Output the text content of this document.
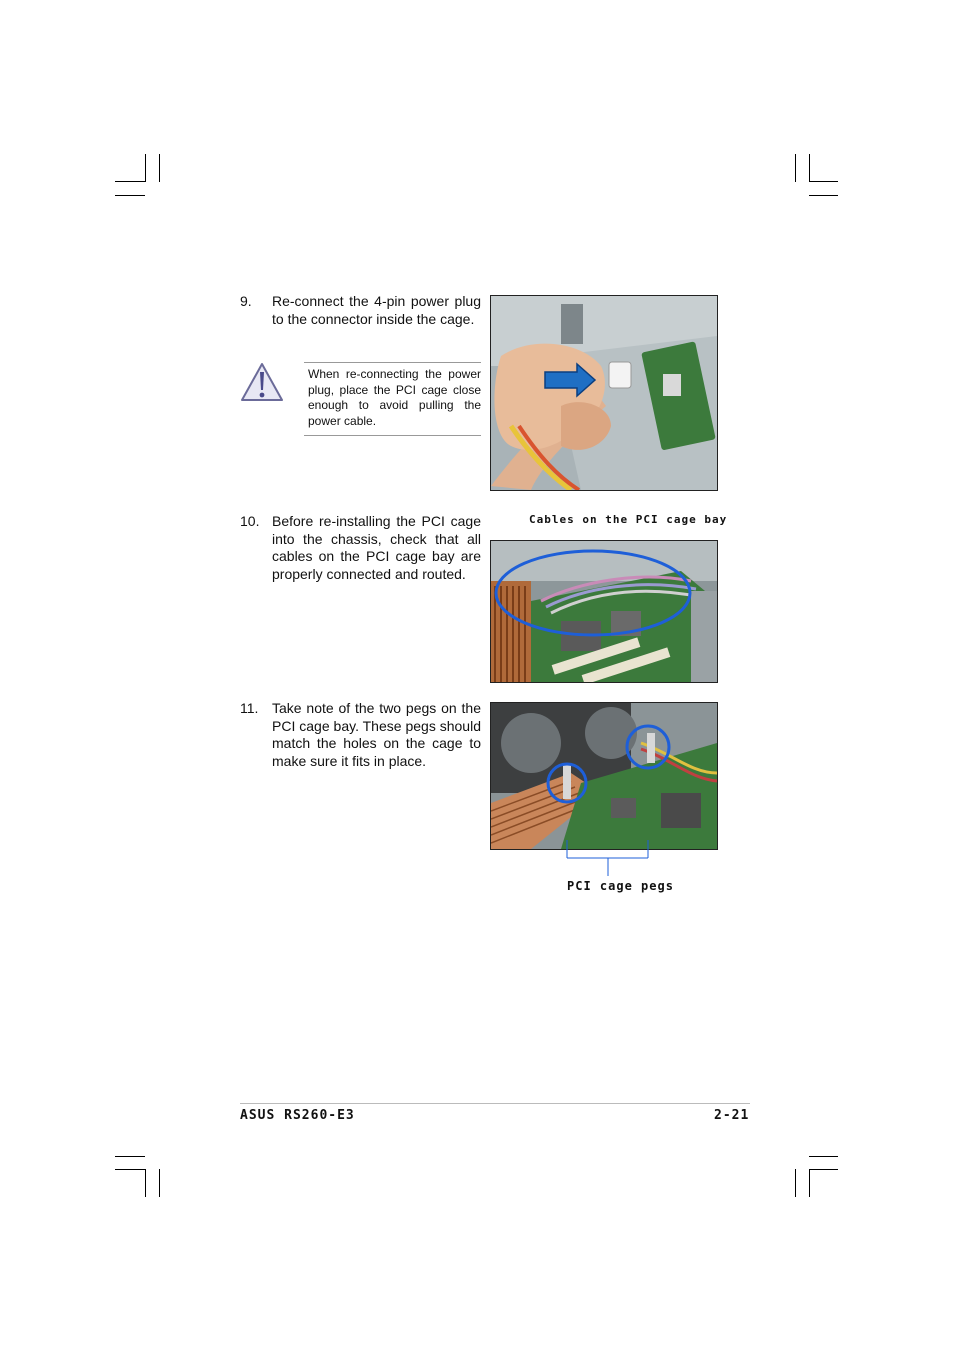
9. Re-connect the 4-pin power plug to the connector inside the cage.
When re-connecting the power plug, place the PCI cage close enough to avoid pulling the power cable.
10. Before re-installing the PCI cage into the chassis, check that all cables on the PCI cage bay are properly connected and routed.
Cables on the PCI cage bay
11. Take note of the two pegs on the PCI cage bay. These pegs should match the holes on the cage to make sure it fits in place.
PCI cage pegs
ASUS RS260-E3	2-21
